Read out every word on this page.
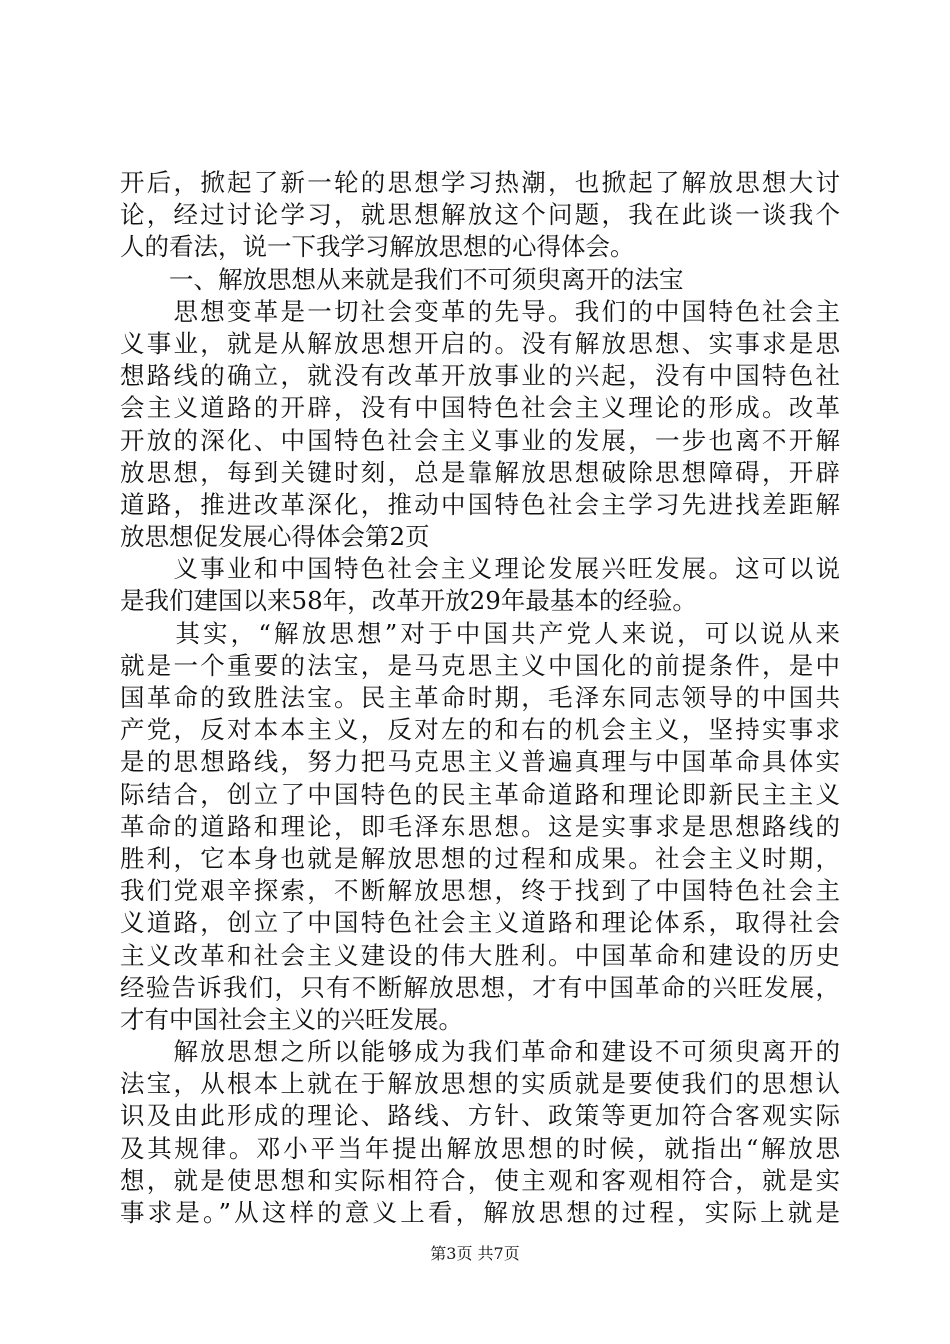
开后，掀起了新一轮的思想学习热潮，也掀起了解放思想大讨
论，经过讨论学习，就思想解放这个问题，我在此谈一谈我个
人的看法，说一下我学习解放思想的心得体会。
　　一、解放思想从来就是我们不可须臾离开的法宝
　　思想变革是一切社会变革的先导。我们的中国特色社会主
义事业，就是从解放思想开启的。没有解放思想、实事求是思
想路线的确立，就没有改革开放事业的兴起，没有中国特色社
会主义道路的开辟，没有中国特色社会主义理论的形成。改革
开放的深化、中国特色社会主义事业的发展，一步也离不开解
放思想，每到关键时刻，总是靠解放思想破除思想障碍，开辟
道路，推进改革深化，推动中国特色社会主学习先进找差距解
放思想促发展心得体会第2页
　　义事业和中国特色社会主义理论发展兴旺发展。这可以说
是我们建国以来58年，改革开放29年最基本的经验。
　　其实，“解放思想”对于中国共产党人来说，可以说从来
就是一个重要的法宝，是马克思主义中国化的前提条件，是中
国革命的致胜法宝。民主革命时期，毛泽东同志领导的中国共
产党，反对本本主义，反对左的和右的机会主义，坚持实事求
是的思想路线，努力把马克思主义普遍真理与中国革命具体实
际结合，创立了中国特色的民主革命道路和理论即新民主主义
革命的道路和理论，即毛泽东思想。这是实事求是思想路线的
胜利，它本身也就是解放思想的过程和成果。社会主义时期，
我们党艰辛探索，不断解放思想，终于找到了中国特色社会主
义道路，创立了中国特色社会主义道路和理论体系，取得社会
主义改革和社会主义建设的伟大胜利。中国革命和建设的历史
经验告诉我们，只有不断解放思想，才有中国革命的兴旺发展，
才有中国社会主义的兴旺发展。
　　解放思想之所以能够成为我们革命和建设不可须臾离开的
法宝，从根本上就在于解放思想的实质就是要使我们的思想认
识及由此形成的理论、路线、方针、政策等更加符合客观实际
及其规律。邓小平当年提出解放思想的时候，就指出“解放思
想，就是使思想和实际相符合，使主观和客观相符合，就是实
事求是。”从这样的意义上看，解放思想的过程，实际上就是
第3页 共7页
